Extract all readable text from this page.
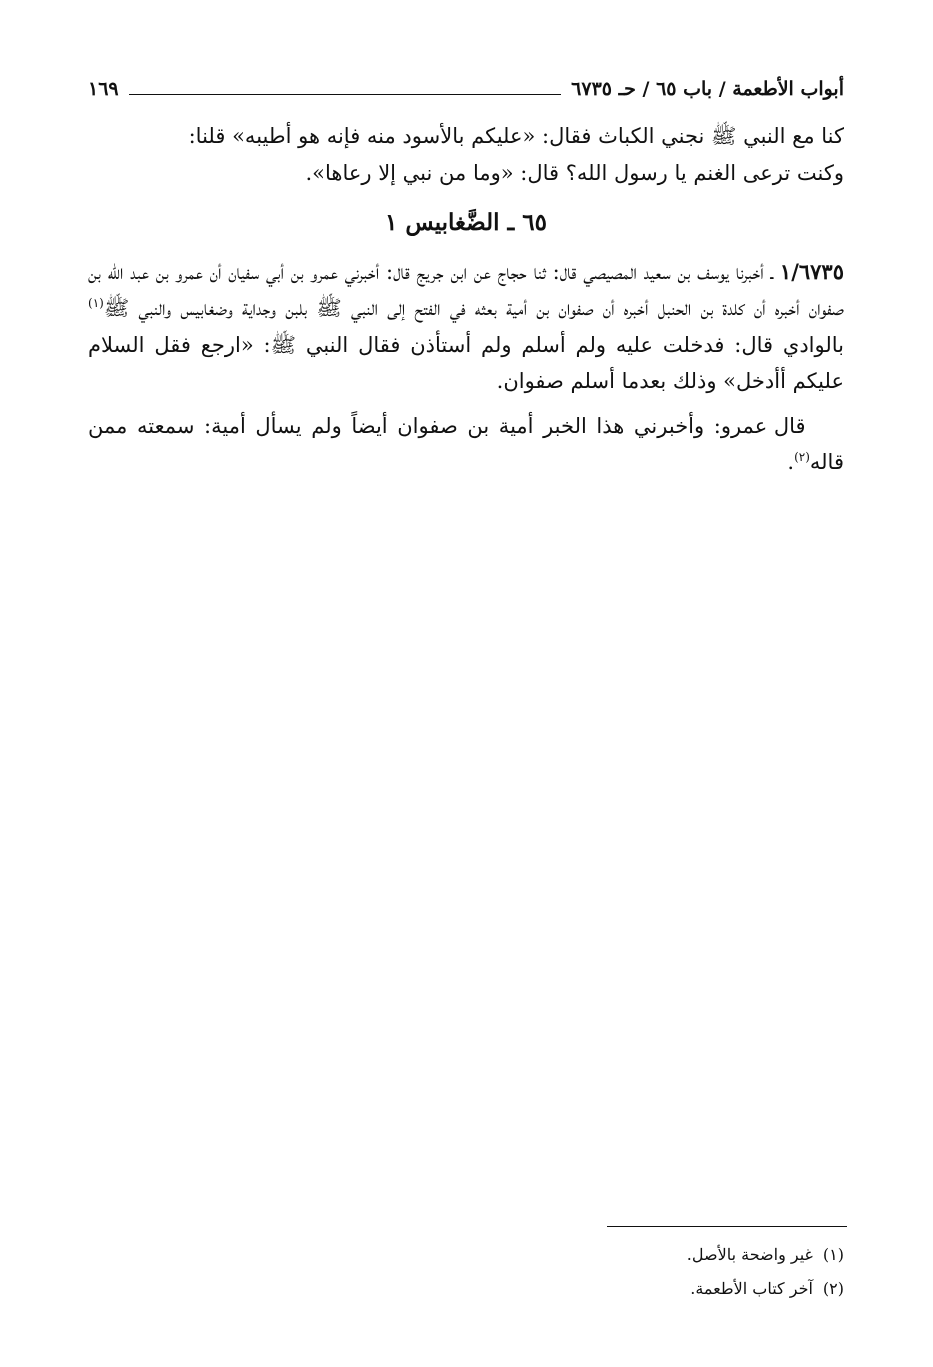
أبواب الأطعمة / باب ٦٥ / حـ ٦٧٣٥
١٦٩

كنا مع النبي ﷺ نجني الكباث فقال: «عليكم بالأسود منه فإنه هو أطيبه» قلنا:

وكنت ترعى الغنم يا رسول الله؟ قال: «وما من نبي إلا رعاها».

٦٥ ـ الضَّغابيس ١

١/٦٧٣٥ ـ أخبرنا يوسف بن سعيد المصيصي قال: ثنا حجاج عن ابن جريج قال: أخبرني عمرو بن أبي سفيان أن عمرو بن عبد الله بن صفوان أخبره أن كلدة بن الحنبل أخبره أن صفوان بن أمية بعثه في الفتح إلى النبي ﷺ بلبن وجداية وضغابيس والنبي ﷺ$^{(١)}$ بالوادي قال: فدخلت عليه ولم أسلم ولم أستأذن فقال النبي ﷺ: «ارجع فقل السلام عليكم أأدخل» وذلك بعدما أسلم صفوان.

قال عمرو: وأخبرني هذا الخبر أمية بن صفوان أيضاً ولم يسأل أمية: سمعته ممن قاله$^{(٢)}$.

(١)غير واضحة بالأصل.
(٢)آخر كتاب الأطعمة.
